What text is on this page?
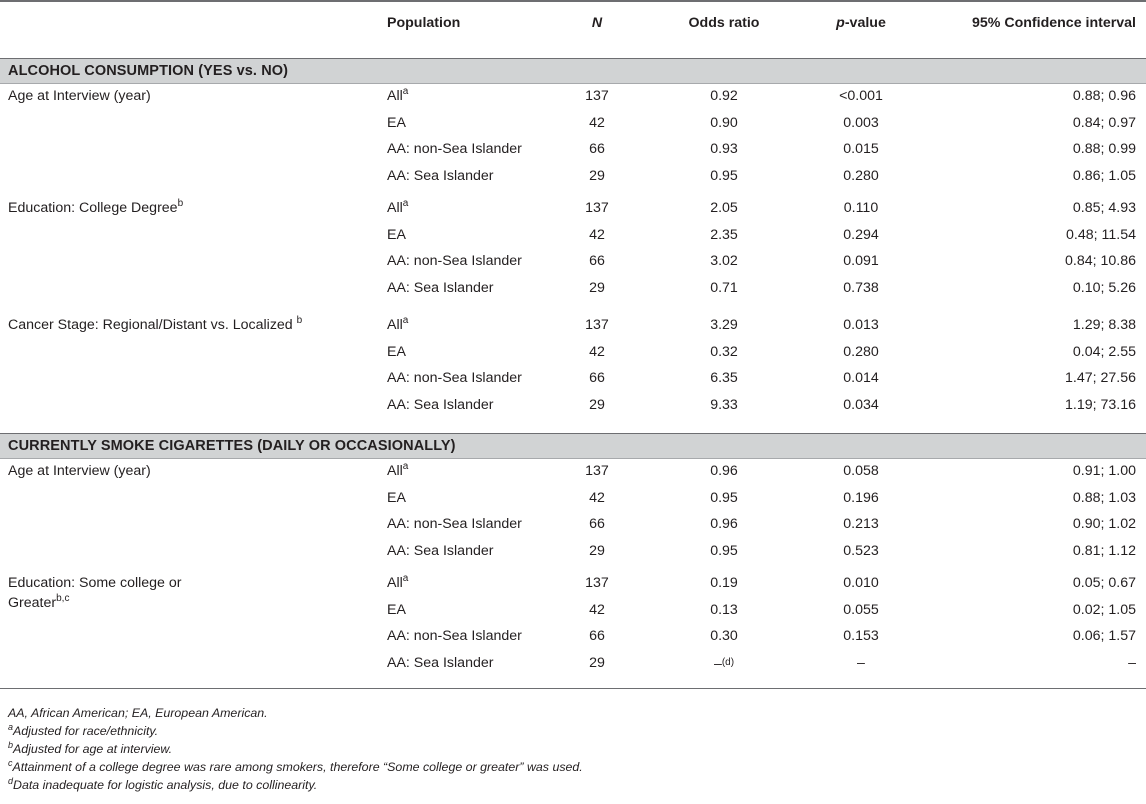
Population	N	Odds ratio	p-value	95% Confidence interval
ALCOHOL CONSUMPTION (YES vs. NO)
Age at Interview (year)	All$^a$	137	0.92	<0.001	0.88; 0.96
EA	42	0.90	0.003	0.84; 0.97
AA: non-Sea Islander	66	0.93	0.015	0.88; 0.99
AA: Sea Islander	29	0.95	0.280	0.86; 1.05
Education: College Degree$^b$	All$^a$	137	2.05	0.110	0.85; 4.93
EA	42	2.35	0.294	0.48; 11.54
AA: non-Sea Islander	66	3.02	0.091	0.84; 10.86
AA: Sea Islander	29	0.71	0.738	0.10; 5.26
Cancer Stage: Regional/Distant vs. Localized $^b$	All$^a$	137	3.29	0.013	1.29; 8.38
EA	42	0.32	0.280	0.04; 2.55
AA: non-Sea Islander	66	6.35	0.014	1.47; 27.56
AA: Sea Islander	29	9.33	0.034	1.19; 73.16
CURRENTLY SMOKE CIGARETTES (DAILY OR OCCASIONALLY)
Age at Interview (year)	All$^a$	137	0.96	0.058	0.91; 1.00
EA	42	0.95	0.196	0.88; 1.03
AA: non-Sea Islander	66	0.96	0.213	0.90; 1.02
AA: Sea Islander	29	0.95	0.523	0.81; 1.12
Education: Some college or
Greater$^{b,c}$
All$^a$	137	0.19	0.010	0.05; 0.67
EA	42	0.13	0.055	0.02; 1.05
AA: non-Sea Islander	66	0.30	0.153	0.06; 1.57
AA: Sea Islander	29	–$^{(d)}$	–	–
AA, African American; EA, European American.
$^a$Adjusted for race/ethnicity.
$^b$Adjusted for age at interview.
$^c$Attainment of a college degree was rare among smokers, therefore “Some college or greater” was used.
$^d$Data inadequate for logistic analysis, due to collinearity.
